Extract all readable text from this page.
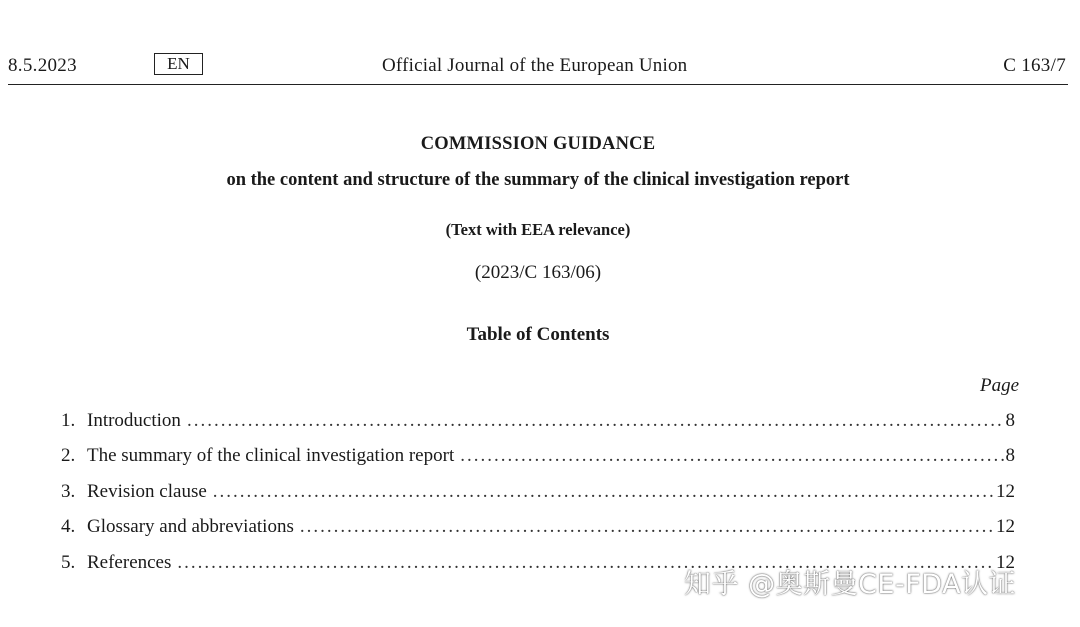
8.5.2023	EN	Official Journal of the European Union	C 163/7
COMMISSION GUIDANCE
on the content and structure of the summary of the clinical investigation report
(Text with EEA relevance)
(2023/C 163/06)
Table of Contents
Page
1. Introduction .....	8
2. The summary of the clinical investigation report .....	8
3. Revision clause .....	12
4. Glossary and abbreviations .....	12
5. References .....	12
知乎 @奥斯曼CE-FDA认证
